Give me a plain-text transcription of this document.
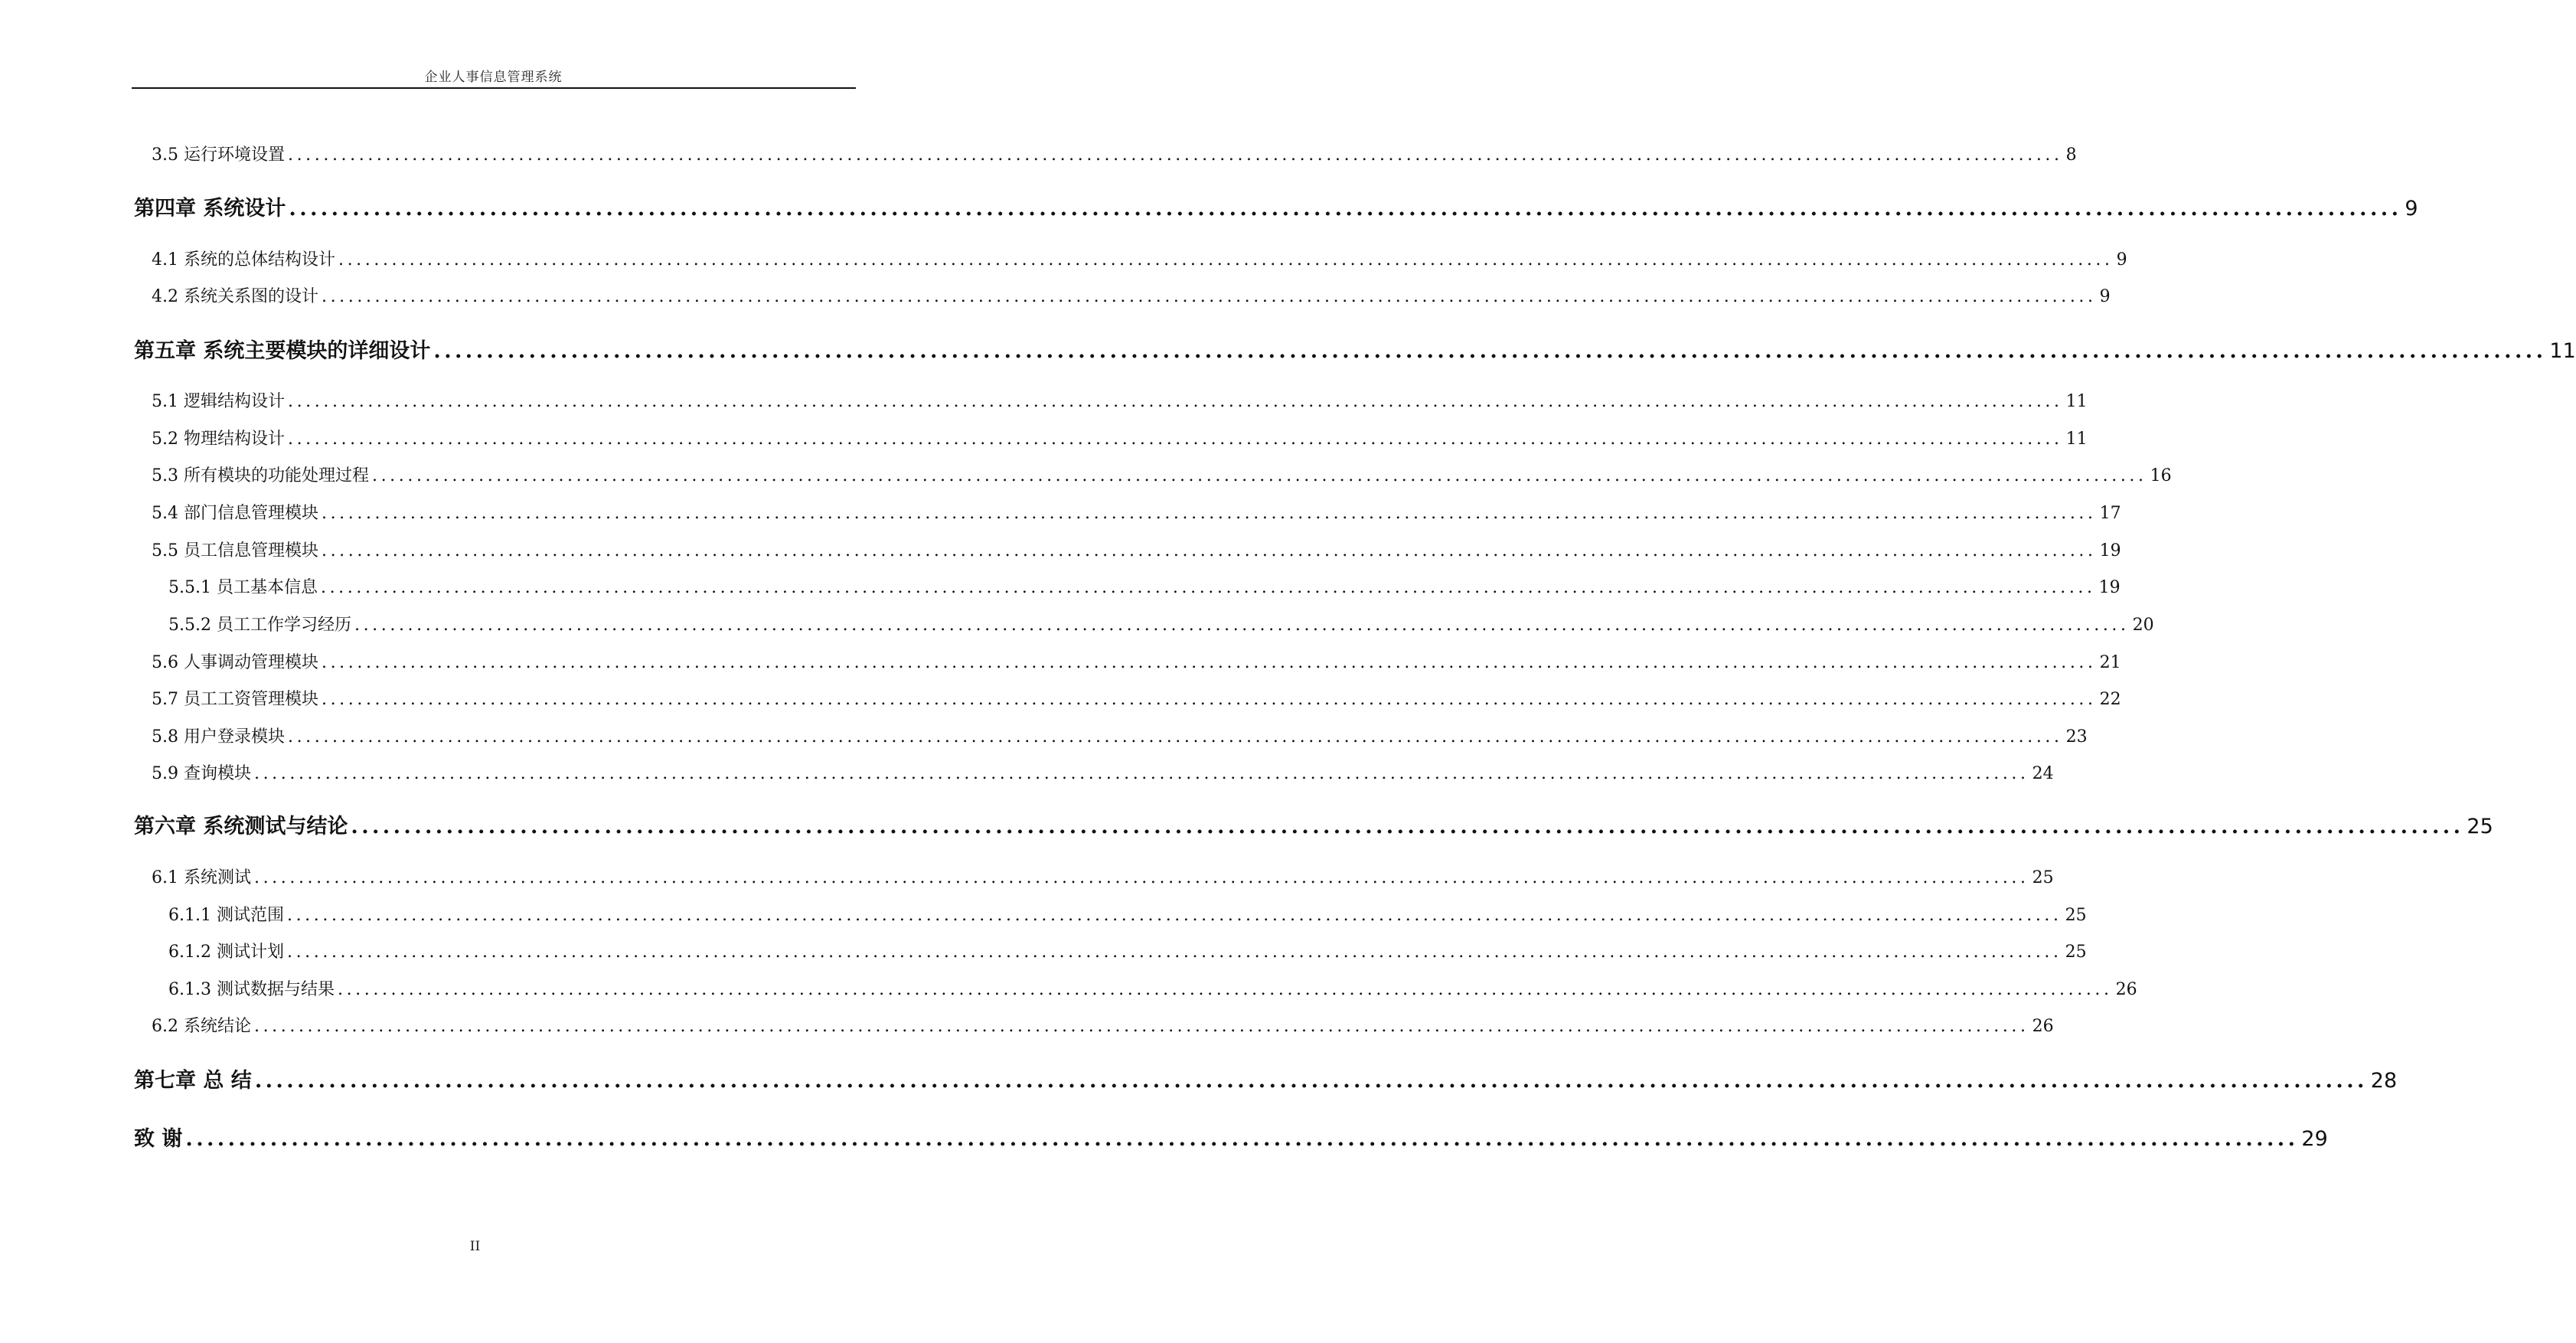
企业人事信息管理系统
3.5 运行环境设置 ........................................................................................................................................................................................................ 8
第四章 系统设计 ........................................................................................................................................................................................................ 9
4.1 系统的总体结构设计 ........................................................................................................................................................................................................ 9
4.2 系统关系图的设计 ........................................................................................................................................................................................................ 9
第五章 系统主要模块的详细设计 ........................................................................................................................................................................................................ 11
5.1 逻辑结构设计 ........................................................................................................................................................................................................ 11
5.2 物理结构设计 ........................................................................................................................................................................................................ 11
5.3 所有模块的功能处理过程 ........................................................................................................................................................................................................ 16
5.4 部门信息管理模块 ........................................................................................................................................................................................................ 17
5.5 员工信息管理模块 ........................................................................................................................................................................................................ 19
5.5.1 员工基本信息 ........................................................................................................................................................................................................ 19
5.5.2 员工工作学习经历 ........................................................................................................................................................................................................ 20
5.6 人事调动管理模块 ........................................................................................................................................................................................................ 21
5.7 员工工资管理模块 ........................................................................................................................................................................................................ 22
5.8 用户登录模块 ........................................................................................................................................................................................................ 23
5.9 查询模块 ........................................................................................................................................................................................................ 24
第六章 系统测试与结论 ........................................................................................................................................................................................................ 25
6.1 系统测试 ........................................................................................................................................................................................................ 25
6.1.1 测试范围 ........................................................................................................................................................................................................ 25
6.1.2 测试计划 ........................................................................................................................................................................................................ 25
6.1.3 测试数据与结果 ........................................................................................................................................................................................................ 26
6.2 系统结论 ........................................................................................................................................................................................................ 26
第七章 总 结 ........................................................................................................................................................................................................ 28
致 谢 ........................................................................................................................................................................................................ 29
II
